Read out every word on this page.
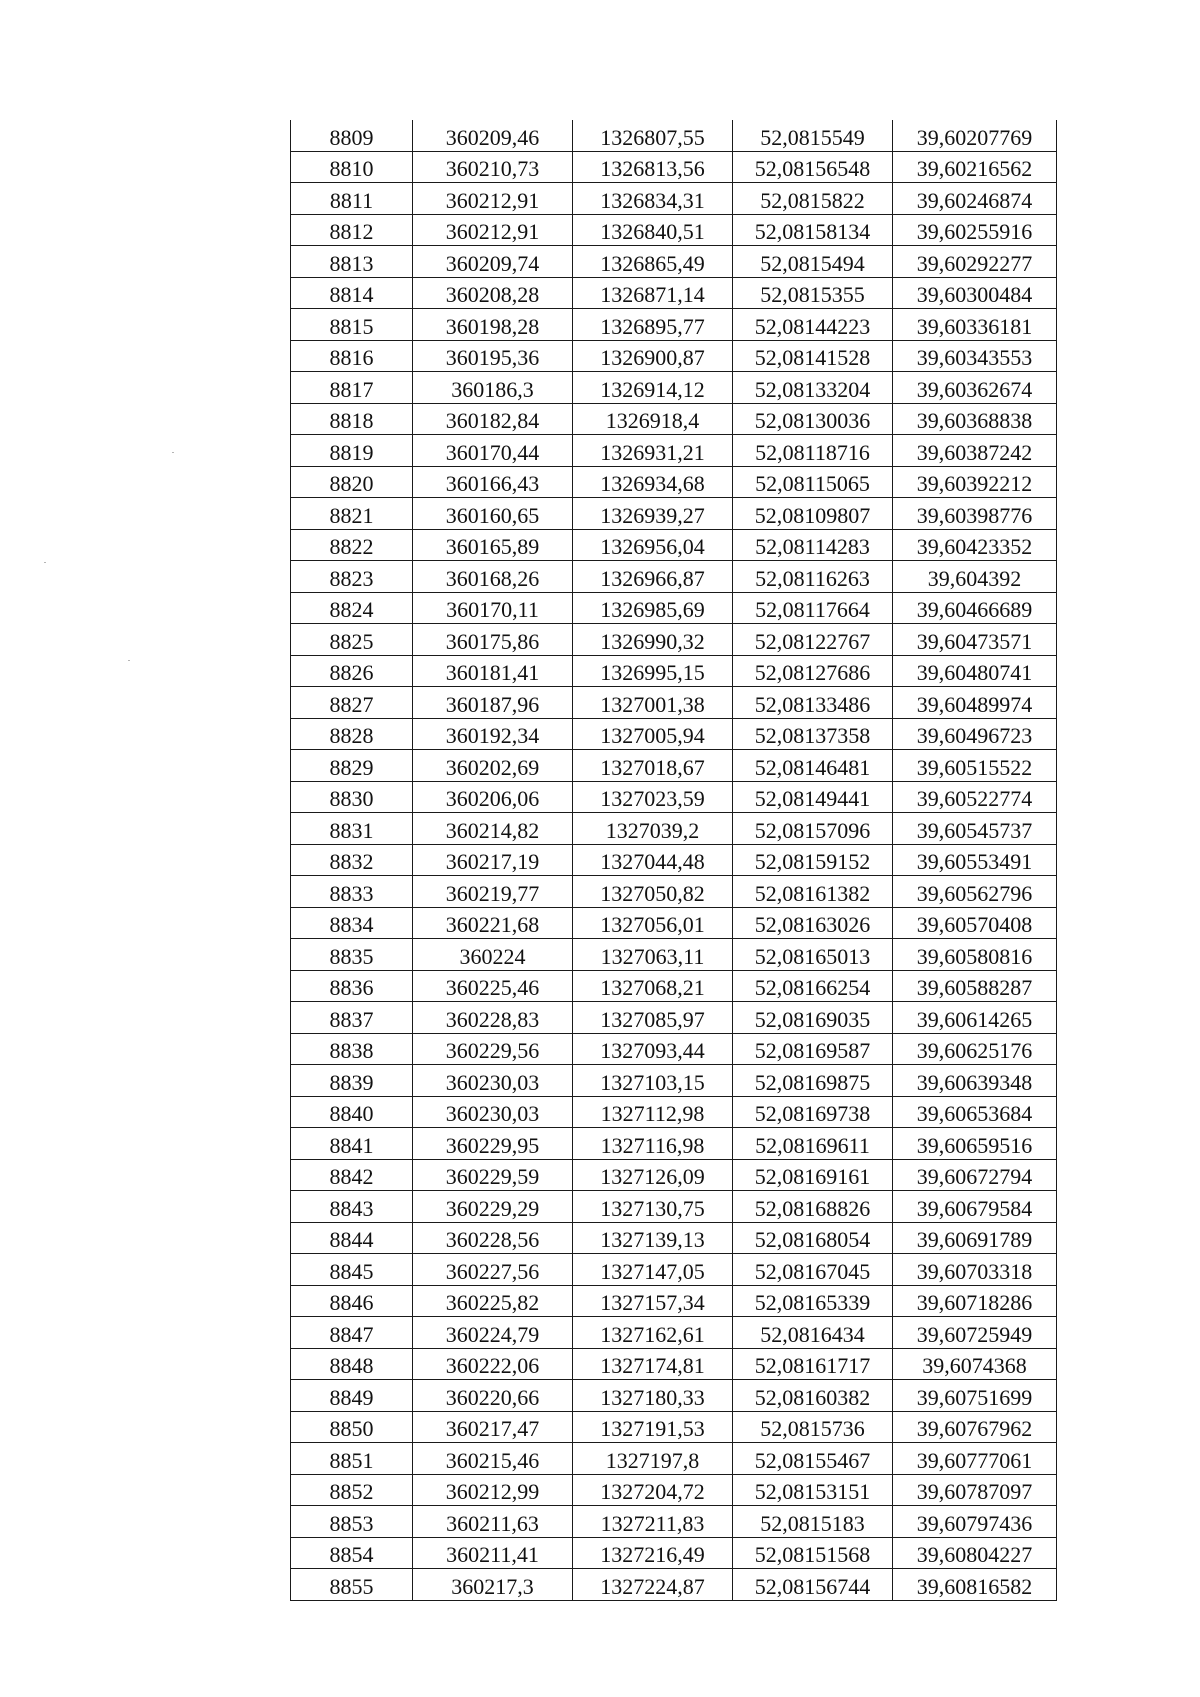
8809	360209,46	1326807,55	52,0815549	39,60207769
8810	360210,73	1326813,56	52,08156548	39,60216562
8811	360212,91	1326834,31	52,0815822	39,60246874
8812	360212,91	1326840,51	52,08158134	39,60255916
8813	360209,74	1326865,49	52,0815494	39,60292277
8814	360208,28	1326871,14	52,0815355	39,60300484
8815	360198,28	1326895,77	52,08144223	39,60336181
8816	360195,36	1326900,87	52,08141528	39,60343553
8817	360186,3	1326914,12	52,08133204	39,60362674
8818	360182,84	1326918,4	52,08130036	39,60368838
8819	360170,44	1326931,21	52,08118716	39,60387242
8820	360166,43	1326934,68	52,08115065	39,60392212
8821	360160,65	1326939,27	52,08109807	39,60398776
8822	360165,89	1326956,04	52,08114283	39,60423352
8823	360168,26	1326966,87	52,08116263	39,604392
8824	360170,11	1326985,69	52,08117664	39,60466689
8825	360175,86	1326990,32	52,08122767	39,60473571
8826	360181,41	1326995,15	52,08127686	39,60480741
8827	360187,96	1327001,38	52,08133486	39,60489974
8828	360192,34	1327005,94	52,08137358	39,60496723
8829	360202,69	1327018,67	52,08146481	39,60515522
8830	360206,06	1327023,59	52,08149441	39,60522774
8831	360214,82	1327039,2	52,08157096	39,60545737
8832	360217,19	1327044,48	52,08159152	39,60553491
8833	360219,77	1327050,82	52,08161382	39,60562796
8834	360221,68	1327056,01	52,08163026	39,60570408
8835	360224	1327063,11	52,08165013	39,60580816
8836	360225,46	1327068,21	52,08166254	39,60588287
8837	360228,83	1327085,97	52,08169035	39,60614265
8838	360229,56	1327093,44	52,08169587	39,60625176
8839	360230,03	1327103,15	52,08169875	39,60639348
8840	360230,03	1327112,98	52,08169738	39,60653684
8841	360229,95	1327116,98	52,08169611	39,60659516
8842	360229,59	1327126,09	52,08169161	39,60672794
8843	360229,29	1327130,75	52,08168826	39,60679584
8844	360228,56	1327139,13	52,08168054	39,60691789
8845	360227,56	1327147,05	52,08167045	39,60703318
8846	360225,82	1327157,34	52,08165339	39,60718286
8847	360224,79	1327162,61	52,0816434	39,60725949
8848	360222,06	1327174,81	52,08161717	39,6074368
8849	360220,66	1327180,33	52,08160382	39,60751699
8850	360217,47	1327191,53	52,0815736	39,60767962
8851	360215,46	1327197,8	52,08155467	39,60777061
8852	360212,99	1327204,72	52,08153151	39,60787097
8853	360211,63	1327211,83	52,0815183	39,60797436
8854	360211,41	1327216,49	52,08151568	39,60804227
8855	360217,3	1327224,87	52,08156744	39,60816582
